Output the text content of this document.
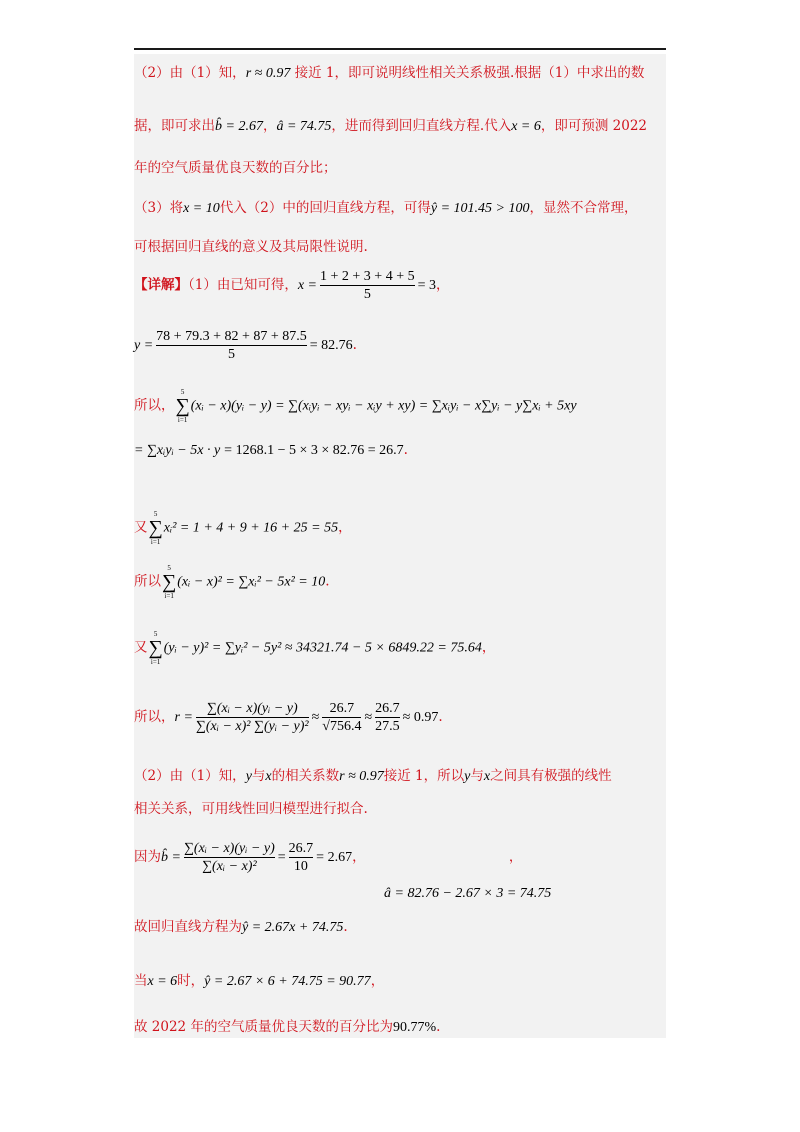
（2）由（1）知，r ≈ 0.97 接近 1，即可说明线性相关关系极强.根据（1）中求出的数
据，即可求出b̂ = 2.67，â = 74.75，进而得到回归直线方程.代入x = 6，即可预测 2022
年的空气质量优良天数的百分比；
（3）将x = 10代入（2）中的回归直线方程，可得ŷ = 101.45 > 100，显然不合常理，
可根据回归直线的意义及其局限性说明.
【详解】（1）由已知可得，$x = \frac{1 + 2 + 3 + 4 + 5}{5} = 3$，
$y = \frac{78 + 79.3 + 82 + 87 + 87.5}{5} = 82.76$.
所以，
5
∑
i=1
(xᵢ − x)(yᵢ − y) = ∑(xᵢyᵢ − xyᵢ − xᵢy + xy) = ∑xᵢyᵢ − x∑yᵢ − y∑xᵢ + 5xy
= ∑xᵢyᵢ − 5x · y = 1268.1 − 5 × 3 × 82.76 = 26.7.
又
5
∑
i=1
xᵢ² = 1 + 4 + 9 + 16 + 25 = 55，
所以
5
∑
i=1
(xᵢ − x)² = ∑xᵢ² − 5x² = 10.
又
5
∑
i=1
(yᵢ − y)² = ∑yᵢ² − 5y² ≈ 34321.74 − 5 × 6849.22 = 75.64，
所以，$r = \frac{\text{∑(xᵢ − x)(yᵢ − y)}}{\text{∑(xᵢ − x)² ∑(yᵢ − y)²}} \approx \frac{26.7}{√756.4} \approx \frac{26.7}{27.5} \approx 0.97$.
（2）由（1）知，y与x的相关系数r ≈ 0.97接近 1，所以y与x之间具有极强的线性
相关关系，可用线性回归模型进行拟合.
因为b̂ = $\frac{\text{∑(xᵢ − x)(yᵢ − y)}}{\text{∑(xᵢ − x)²}} = \frac{26.7}{10} = 2.67$，	，
â = 82.76 − 2.67 × 3 = 74.75
故回归直线方程为ŷ = 2.67x + 74.75.
当x = 6时，ŷ = 2.67 × 6 + 74.75 = 90.77，
故 2022 年的空气质量优良天数的百分比为90.77%.
